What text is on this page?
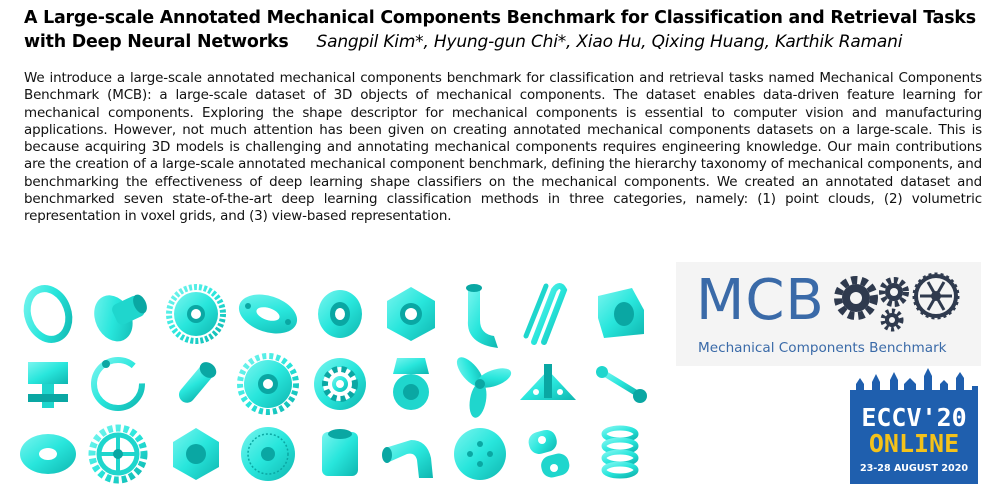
A Large-scale Annotated Mechanical Components Benchmark for Classification and Retrieval Tasks
with Deep Neural Networks Sangpil Kim*, Hyung-gun Chi*, Xiao Hu, Qixing Huang, Karthik Ramani
We introduce a large-scale annotated mechanical components benchmark for classification and retrieval tasks named Mechanical Components Benchmark (MCB): a large-scale dataset of 3D objects of mechanical components. The dataset enables data-driven feature learning for mechanical components. Exploring the shape descriptor for mechanical components is essential to computer vision and manufacturing applications. However, not much attention has been given on creating annotated mechanical components datasets on a large-scale. This is because acquiring 3D models is challenging and annotating mechanical components requires engineering knowledge. Our main contributions are the creation of a large-scale annotated mechanical component benchmark, defining the hierarchy taxonomy of mechanical components, and benchmarking the effectiveness of deep learning shape classifiers on the mechanical components. We created an annotated dataset and benchmarked seven state-of-the-art deep learning classification methods in three categories, namely: (1) point clouds, (2) volumetric representation in voxel grids, and (3) view-based representation.
MCB
Mechanical Components Benchmark
ECCV'20
ONLINE
23-28 AUGUST 2020
